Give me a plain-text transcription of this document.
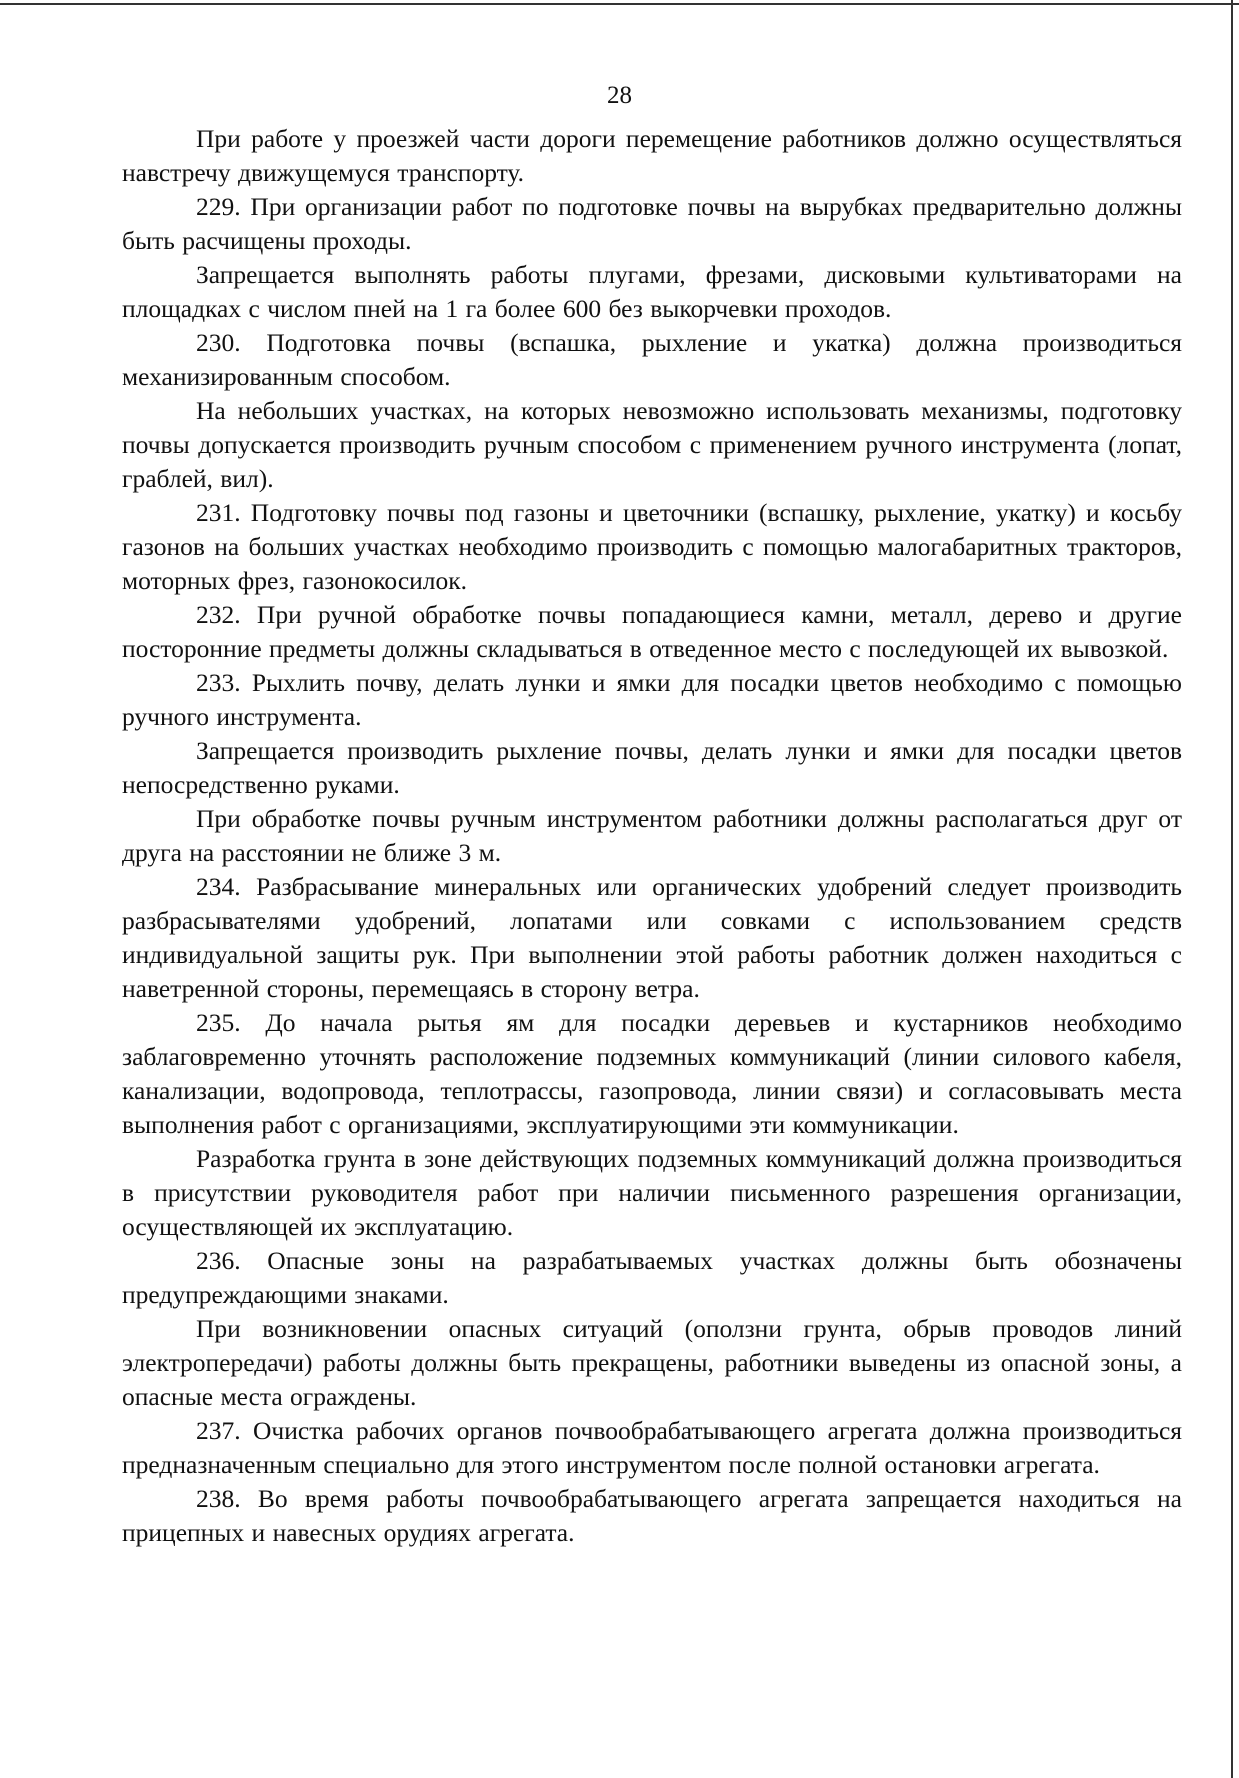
28

При работе у проезжей части дороги перемещение работников должно осуществляться навстречу движущемуся транспорту.

229. При организации работ по подготовке почвы на вырубках предварительно должны быть расчищены проходы.

Запрещается выполнять работы плугами, фрезами, дисковыми культиваторами на площадках с числом пней на 1 га более 600 без выкорчевки проходов.

230. Подготовка почвы (вспашка, рыхление и укатка) должна производиться механизированным способом.

На небольших участках, на которых невозможно использовать механизмы, подготовку почвы допускается производить ручным способом с применением ручного инструмента (лопат, граблей, вил).

231. Подготовку почвы под газоны и цветочники (вспашку, рыхление, укатку) и косьбу газонов на больших участках необходимо производить с помощью малогабаритных тракторов, моторных фрез, газонокосилок.

232. При ручной обработке почвы попадающиеся камни, металл, дерево и другие посторонние предметы должны складываться в отведенное место с последующей их вывозкой.

233. Рыхлить почву, делать лунки и ямки для посадки цветов необходимо с помощью ручного инструмента.

Запрещается производить рыхление почвы, делать лунки и ямки для посадки цветов непосредственно руками.

При обработке почвы ручным инструментом работники должны располагаться друг от друга на расстоянии не ближе 3 м.

234. Разбрасывание минеральных или органических удобрений следует производить разбрасывателями удобрений, лопатами или совками с использованием средств индивидуальной защиты рук. При выполнении этой работы работник должен находиться с наветренной стороны, перемещаясь в сторону ветра.

235. До начала рытья ям для посадки деревьев и кустарников необходимо заблаговременно уточнять расположение подземных коммуникаций (линии силового кабеля, канализации, водопровода, теплотрассы, газопровода, линии связи) и согласовывать места выполнения работ с организациями, эксплуатирующими эти коммуникации.

Разработка грунта в зоне действующих подземных коммуникаций должна производиться в присутствии руководителя работ при наличии письменного разрешения организации, осуществляющей их эксплуатацию.

236. Опасные зоны на разрабатываемых участках должны быть обозначены предупреждающими знаками.

При возникновении опасных ситуаций (оползни грунта, обрыв проводов линий электропередачи) работы должны быть прекращены, работники выведены из опасной зоны, а опасные места ограждены.

237. Очистка рабочих органов почвообрабатывающего агрегата должна производиться предназначенным специально для этого инструментом после полной остановки агрегата.

238. Во время работы почвообрабатывающего агрегата запрещается находиться на прицепных и навесных орудиях агрегата.
